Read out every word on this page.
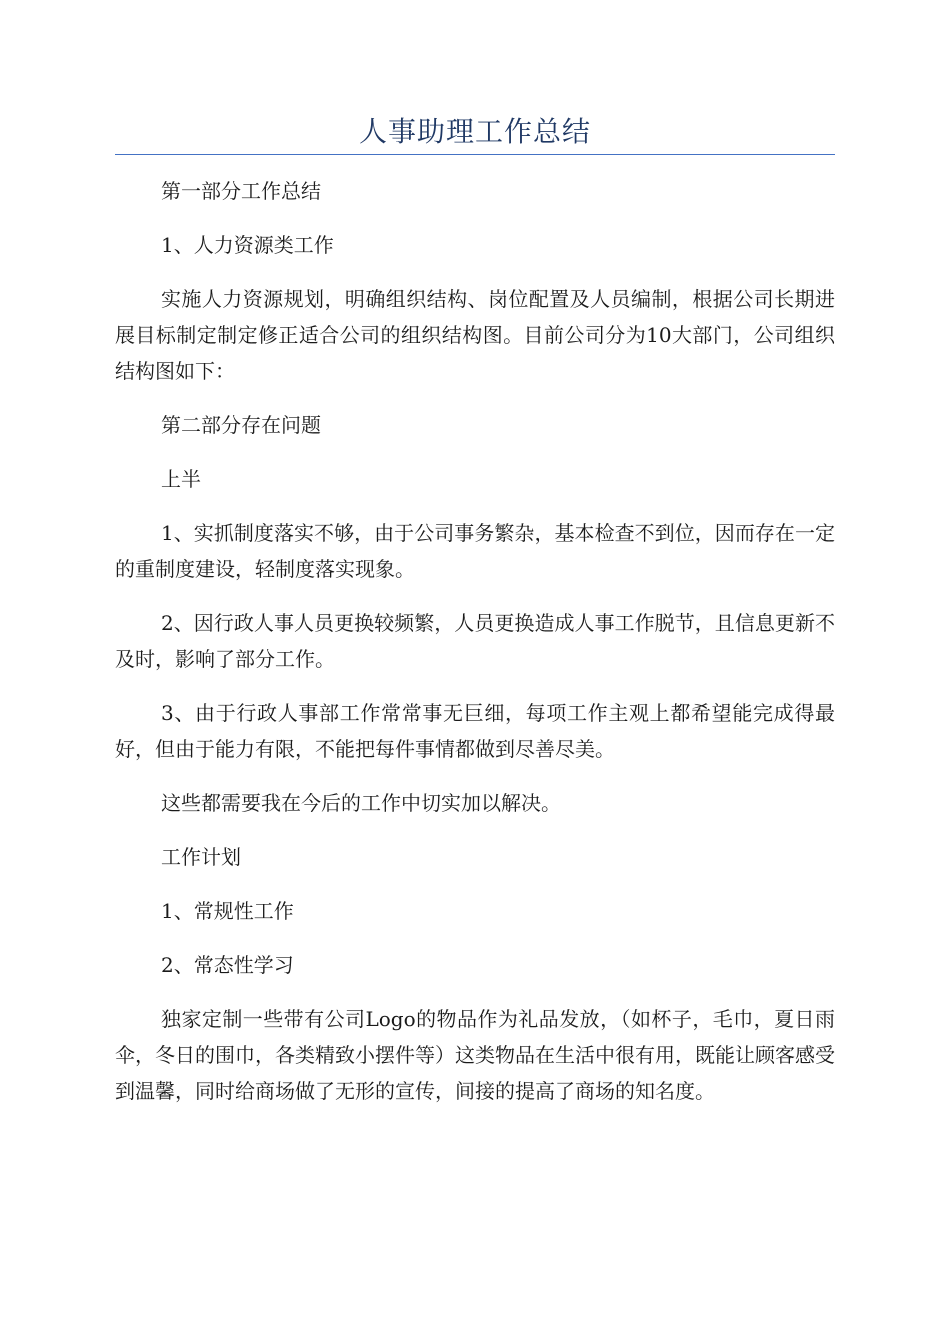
人事助理工作总结

第一部分工作总结

1、人力资源类工作

实施人力资源规划，明确组织结构、岗位配置及人员编制，根据公司长期进展目标制定制定修正适合公司的组织结构图。目前公司分为10大部门，公司组织结构图如下：

第二部分存在问题

上半

1、实抓制度落实不够，由于公司事务繁杂，基本检查不到位，因而存在一定的重制度建设，轻制度落实现象。

2、因行政人事人员更换较频繁，人员更换造成人事工作脱节，且信息更新不及时，影响了部分工作。

3、由于行政人事部工作常常事无巨细，每项工作主观上都希望能完成得最好，但由于能力有限，不能把每件事情都做到尽善尽美。

这些都需要我在今后的工作中切实加以解决。

工作计划

1、常规性工作

2、常态性学习

独家定制一些带有公司Logo的物品作为礼品发放，（如杯子，毛巾，夏日雨伞，冬日的围巾，各类精致小摆件等）这类物品在生活中很有用，既能让顾客感受到温馨，同时给商场做了无形的宣传，间接的提高了商场的知名度。
